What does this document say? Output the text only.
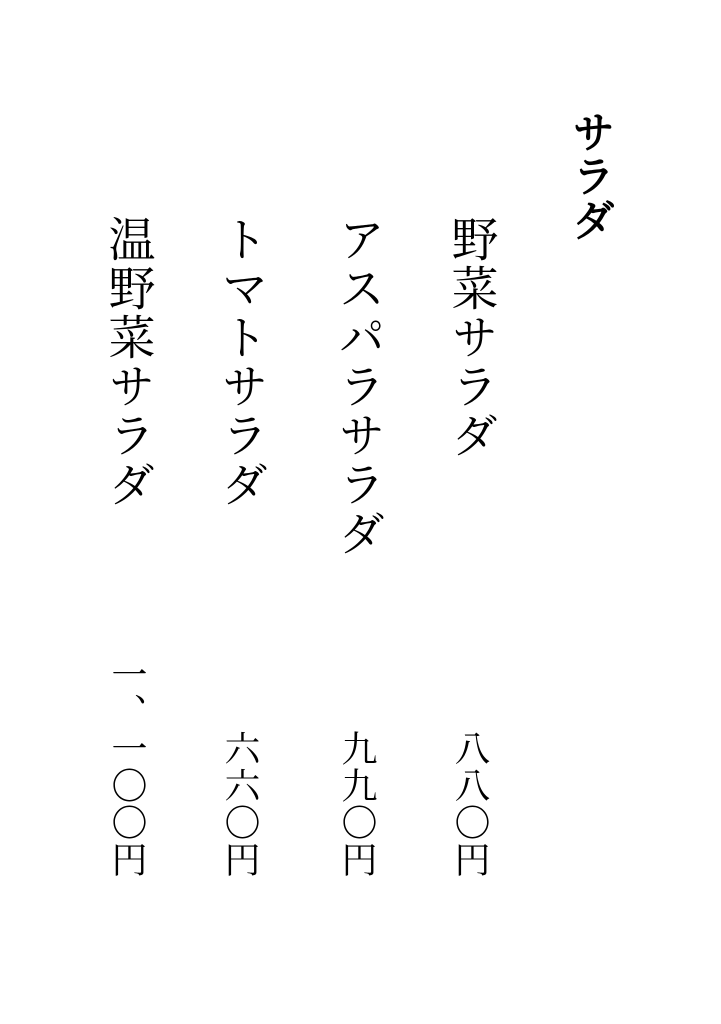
サラダ
野菜サラダ
八八〇円
アスパラサラダ
九九〇円
トマトサラダ
六六〇円
温野菜サラダ
一、一〇〇円
